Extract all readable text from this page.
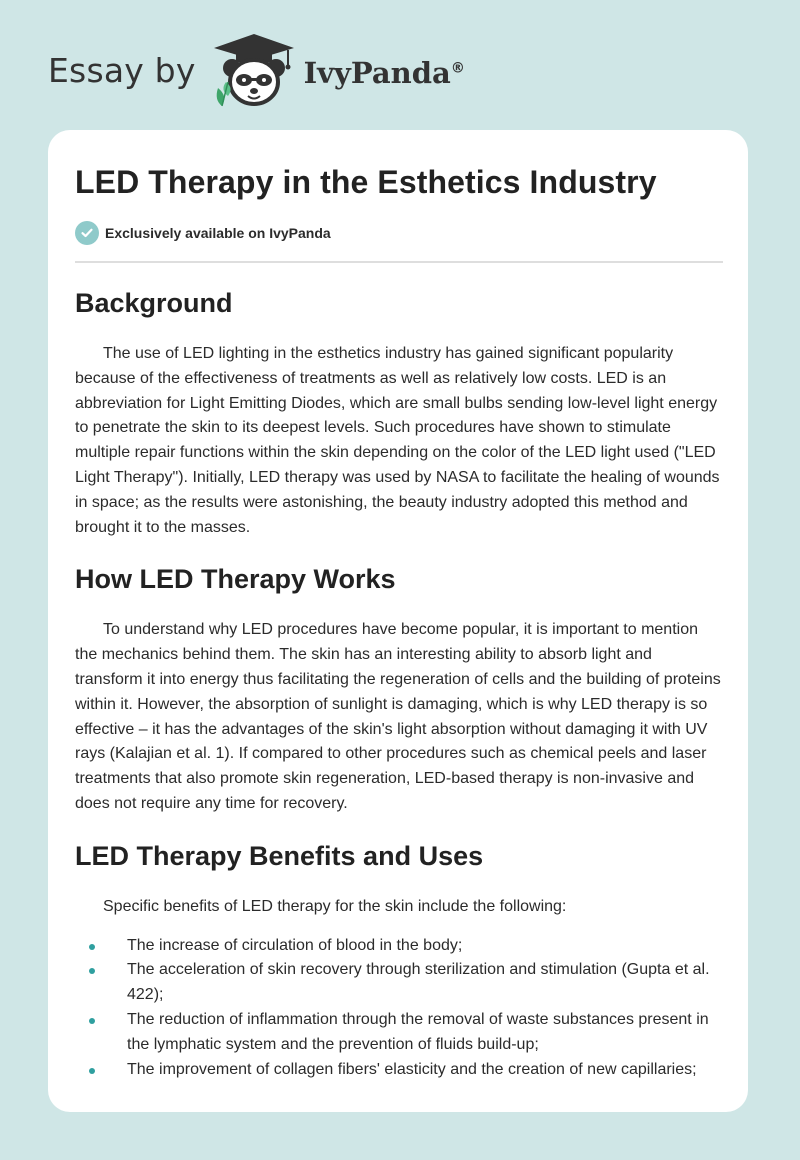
Essay by	IvyPanda®
LED Therapy in the Esthetics Industry
Exclusively available on IvyPanda
Background

The use of LED lighting in the esthetics industry has gained significant popularity because of the effectiveness of treatments as well as relatively low costs. LED is an abbreviation for Light Emitting Diodes, which are small bulbs sending low-level light energy to penetrate the skin to its deepest levels. Such procedures have shown to stimulate multiple repair functions within the skin depending on the color of the LED light used ("LED Light Therapy"). Initially, LED therapy was used by NASA to facilitate the healing of wounds in space; as the results were astonishing, the beauty industry adopted this method and brought it to the masses.

How LED Therapy Works

To understand why LED procedures have become popular, it is important to mention the mechanics behind them. The skin has an interesting ability to absorb light and transform it into energy thus facilitating the regeneration of cells and the building of proteins within it. However, the absorption of sunlight is damaging, which is why LED therapy is so effective – it has the advantages of the skin's light absorption without damaging it with UV rays (Kalajian et al. 1). If compared to other procedures such as chemical peels and laser treatments that also promote skin regeneration, LED-based therapy is non-invasive and does not require any time for recovery.

LED Therapy Benefits and Uses

Specific benefits of LED therapy for the skin include the following:

The increase of circulation of blood in the body;
The acceleration of skin recovery through sterilization and stimulation (Gupta et al. 422);
The reduction of inflammation through the removal of waste substances present in the lymphatic system and the prevention of fluids build-up;
The improvement of collagen fibers' elasticity and the creation of new capillaries;
